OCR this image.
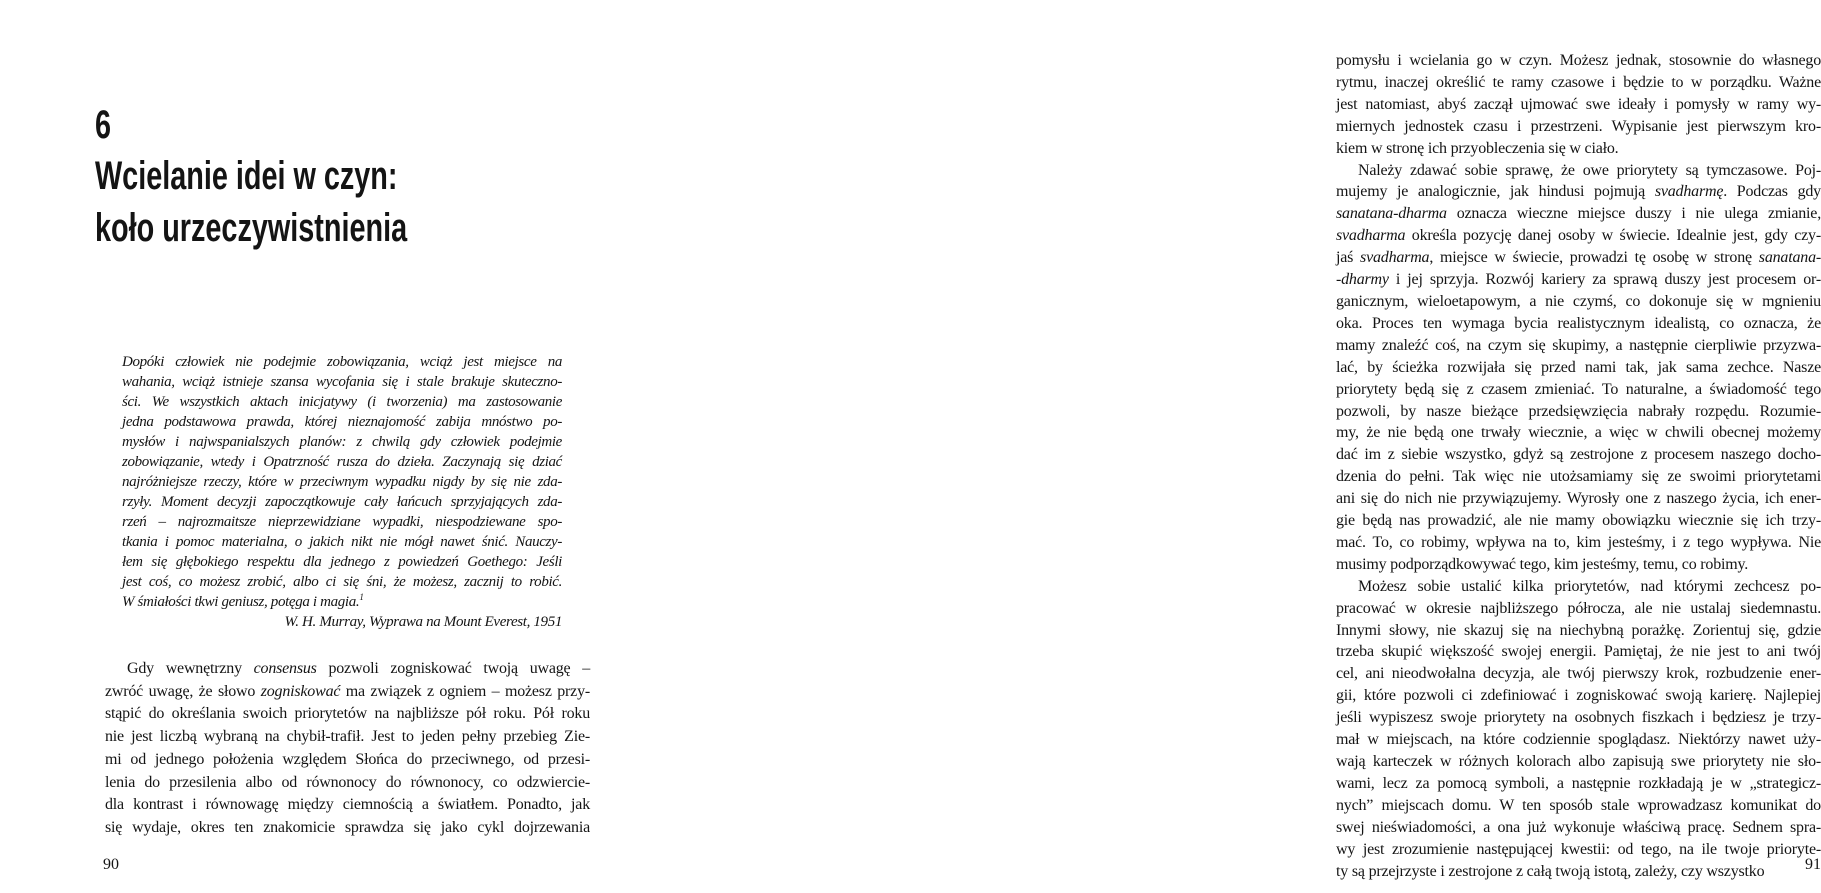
6
Wcielanie idei w czyn:
koło urzeczywistnienia
Dopóki człowiek nie podejmie zobowiązania, wciąż jest miejsce na
wahania, wciąż istnieje szansa wycofania się i stale brakuje skuteczno-
ści. We wszystkich aktach inicjatywy (i tworzenia) ma zastosowanie
jedna podstawowa prawda, której nieznajomość zabija mnóstwo po-
mysłów i najwspanialszych planów: z chwilą gdy człowiek podejmie
zobowiązanie, wtedy i Opatrzność rusza do dzieła. Zaczynają się dziać
najróżniejsze rzeczy, które w przeciwnym wypadku nigdy by się nie zda-
rzyły. Moment decyzji zapoczątkowuje cały łańcuch sprzyjających zda-
rzeń – najrozmaitsze nieprzewidziane wypadki, niespodziewane spo-
tkania i pomoc materialna, o jakich nikt nie mógł nawet śnić. Nauczy-
łem się głębokiego respektu dla jednego z powiedzeń Goethego: Jeśli
jest coś, co możesz zrobić, albo ci się śni, że możesz, zacznij to robić.
W śmiałości tkwi geniusz, potęga i magia.$^1$
W. H. Murray, Wyprawa na Mount Everest, 1951
Gdy wewnętrzny consensus pozwoli zogniskować twoją uwagę –
zwróć uwagę, że słowo zogniskować ma związek z ogniem – możesz przy-
stąpić do określania swoich priorytetów na najbliższe pół roku. Pół roku
nie jest liczbą wybraną na chybił-trafił. Jest to jeden pełny przebieg Zie-
mi od jednego położenia względem Słońca do przeciwnego, od przesi-
lenia do przesilenia albo od równonocy do równonocy, co odzwiercie-
dla kontrast i równowagę między ciemnością a światłem. Ponadto, jak
się wydaje, okres ten znakomicie sprawdza się jako cykl dojrzewania
90
pomysłu i wcielania go w czyn. Możesz jednak, stosownie do własnego
rytmu, inaczej określić te ramy czasowe i będzie to w porządku. Ważne
jest natomiast, abyś zaczął ujmować swe ideały i pomysły w ramy wy-
miernych jednostek czasu i przestrzeni. Wypisanie jest pierwszym kro-
kiem w stronę ich przyobleczenia się w ciało.
Należy zdawać sobie sprawę, że owe priorytety są tymczasowe. Poj-
mujemy je analogicznie, jak hindusi pojmują svadharmę. Podczas gdy
sanatana-dharma oznacza wieczne miejsce duszy i nie ulega zmianie,
svadharma określa pozycję danej osoby w świecie. Idealnie jest, gdy czy-
jaś svadharma, miejsce w świecie, prowadzi tę osobę w stronę sanatana-
-dharmy i jej sprzyja. Rozwój kariery za sprawą duszy jest procesem or-
ganicznym, wieloetapowym, a nie czymś, co dokonuje się w mgnieniu
oka. Proces ten wymaga bycia realistycznym idealistą, co oznacza, że
mamy znaleźć coś, na czym się skupimy, a następnie cierpliwie przyzwa-
lać, by ścieżka rozwijała się przed nami tak, jak sama zechce. Nasze
priorytety będą się z czasem zmieniać. To naturalne, a świadomość tego
pozwoli, by nasze bieżące przedsięwzięcia nabrały rozpędu. Rozumie-
my, że nie będą one trwały wiecznie, a więc w chwili obecnej możemy
dać im z siebie wszystko, gdyż są zestrojone z procesem naszego docho-
dzenia do pełni. Tak więc nie utożsamiamy się ze swoimi priorytetami
ani się do nich nie przywiązujemy. Wyrosły one z naszego życia, ich ener-
gie będą nas prowadzić, ale nie mamy obowiązku wiecznie się ich trzy-
mać. To, co robimy, wpływa na to, kim jesteśmy, i z tego wypływa. Nie
musimy podporządkowywać tego, kim jesteśmy, temu, co robimy.
Możesz sobie ustalić kilka priorytetów, nad którymi zechcesz po-
pracować w okresie najbliższego półrocza, ale nie ustalaj siedemnastu.
Innymi słowy, nie skazuj się na niechybną porażkę. Zorientuj się, gdzie
trzeba skupić większość swojej energii. Pamiętaj, że nie jest to ani twój
cel, ani nieodwołalna decyzja, ale twój pierwszy krok, rozbudzenie ener-
gii, które pozwoli ci zdefiniować i zogniskować swoją karierę. Najlepiej
jeśli wypiszesz swoje priorytety na osobnych fiszkach i będziesz je trzy-
mał w miejscach, na które codziennie spoglądasz. Niektórzy nawet uży-
wają karteczek w różnych kolorach albo zapisują swe priorytety nie sło-
wami, lecz za pomocą symboli, a następnie rozkładają je w „strategicz-
nych” miejscach domu. W ten sposób stale wprowadzasz komunikat do
swej nieświadomości, a ona już wykonuje właściwą pracę. Sednem spra-
wy jest zrozumienie następującej kwestii: od tego, na ile twoje prioryte-
ty są przejrzyste i zestrojone z całą twoją istotą, zależy, czy wszystko	91
